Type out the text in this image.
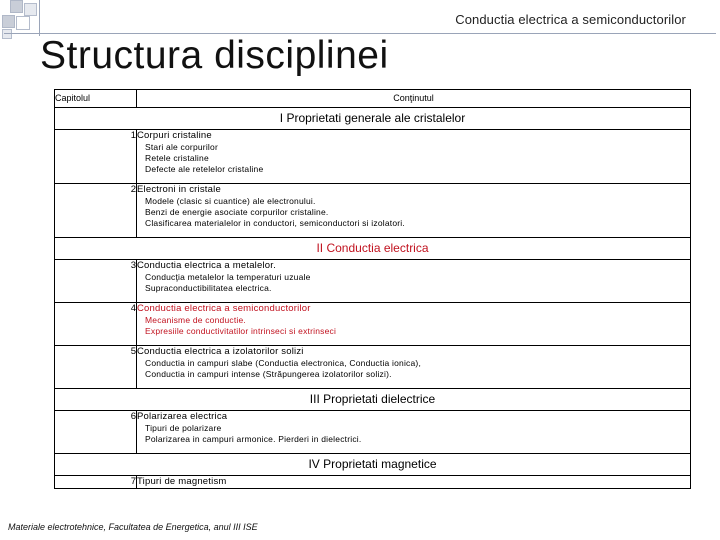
Conductia electrica a semiconductorilor
Structura disciplinei
Capitolul	Conţinutul
I Proprietati generale ale cristalelor	
1	Corpuri cristaline
Stari ale corpurilor
Retele cristaline
Defecte ale retelelor cristaline

2	Electroni in cristale
Modele (clasic si cuantice) ale electronului.
Benzi de energie asociate corpurilor cristaline.
Clasificarea materialelor in conductori, semiconductori si izolatori.

II Conductia electrica	
3	Conductia electrica a metalelor.
Conducţia metalelor la temperaturi uzuale
Supraconductibilitatea electrica.

4	Conductia electrica a semiconductorilor
Mecanisme de conductie.
Expresiile conductivitatilor intrinseci si extrinseci

5	Conductia electrica a izolatorilor solizi
Conductia in campuri slabe (Conductia electronica, Conductia ionica),
Conductia in campuri intense (Străpungerea izolatorilor solizi).

III Proprietati dielectrice	
6	Polarizarea electrica
Tipuri de polarizare
Polarizarea in campuri armonice. Pierderi in dielectrici.

IV Proprietati magnetice	
7	Tipuri de magnetism
Materiale electrotehnice, Facultatea de Energetica, anul III ISE
